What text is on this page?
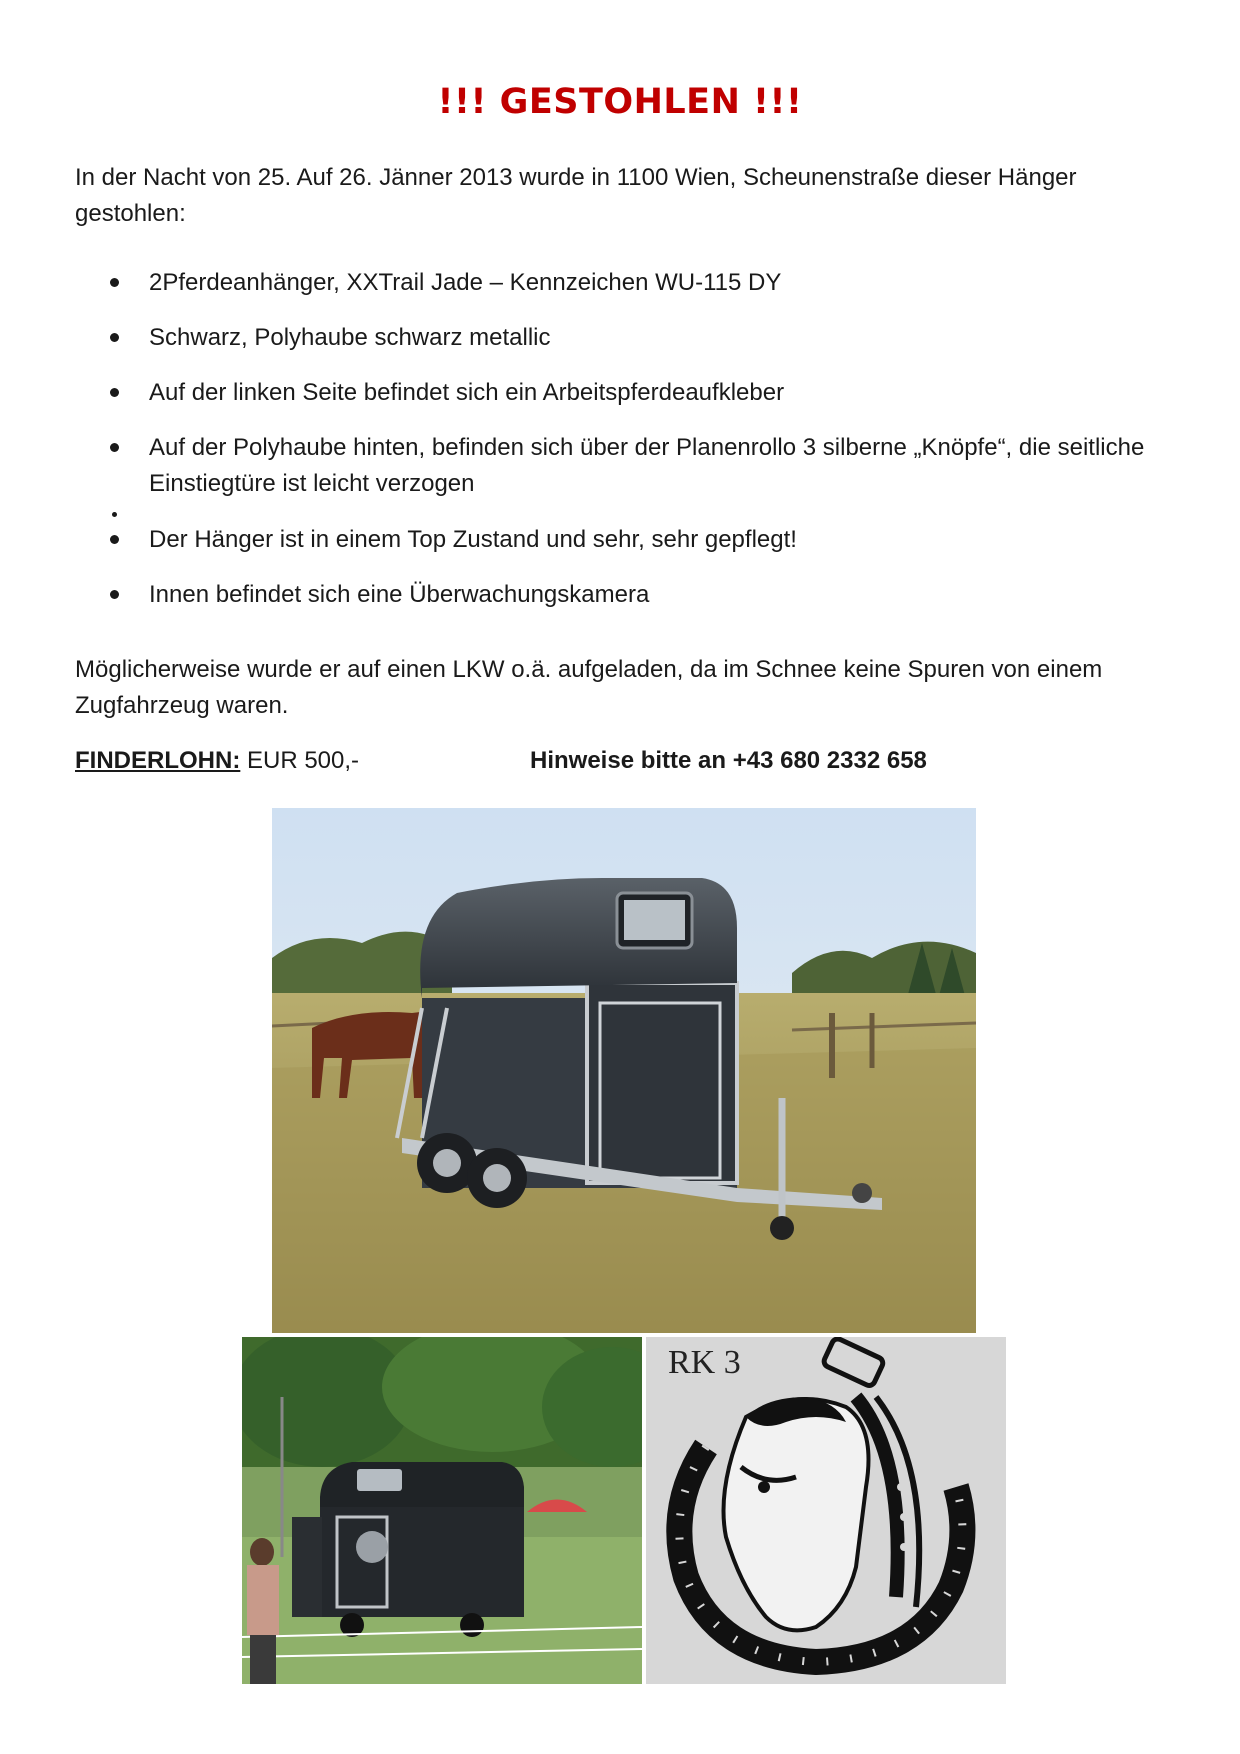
!!! GESTOHLEN !!!
In der Nacht von 25. Auf 26. Jänner 2013 wurde in 1100 Wien, Scheunenstraße dieser Hänger gestohlen:
2Pferdeanhänger, XXTrail Jade – Kennzeichen WU-115 DY
Schwarz, Polyhaube schwarz metallic
Auf der linken Seite befindet sich ein Arbeitspferdeaufkleber
Auf der Polyhaube hinten, befinden sich über der Planenrollo 3 silberne „Knöpfe“, die seitliche Einstiegtüre ist leicht verzogen
Der Hänger ist in einem Top Zustand und sehr, sehr gepflegt!
Innen befindet sich eine Überwachungskamera
Möglicherweise wurde er auf einen LKW o.ä. aufgeladen, da im Schnee keine Spuren von einem Zugfahrzeug waren.
FINDERLOHN: EUR 500,-	Hinweise bitte an +43 680 2332 658
RK 3
